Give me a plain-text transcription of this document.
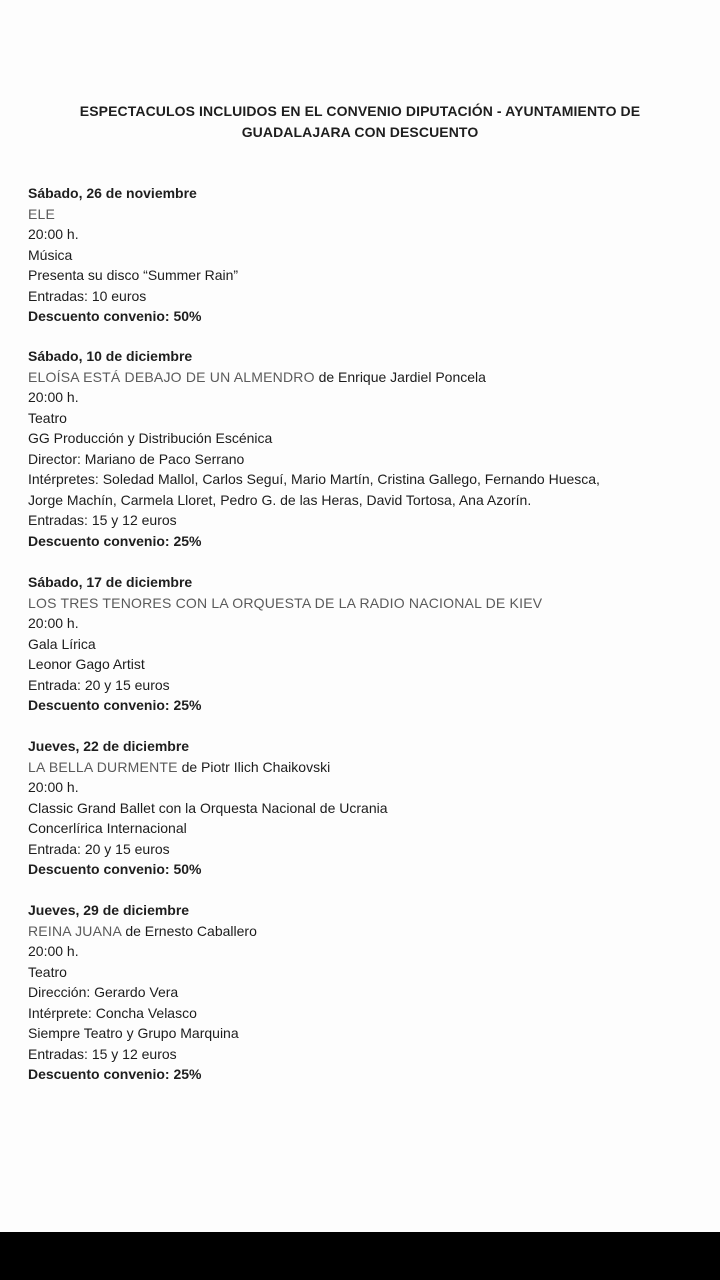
ESPECTACULOS INCLUIDOS EN EL CONVENIO DIPUTACIÓN - AYUNTAMIENTO DE
GUADALAJARA CON DESCUENTO
Sábado, 26 de noviembre
ELE
20:00 h.
Música
Presenta su disco “Summer Rain”
Entradas: 10 euros
Descuento convenio: 50%
Sábado, 10 de diciembre
ELOÍSA ESTÁ DEBAJO DE UN ALMENDRO de Enrique Jardiel Poncela
20:00 h.
Teatro
GG Producción y Distribución Escénica
Director: Mariano de Paco Serrano
Intérpretes: Soledad Mallol, Carlos Seguí, Mario Martín, Cristina Gallego, Fernando Huesca,
Jorge Machín, Carmela Lloret, Pedro G. de las Heras, David Tortosa, Ana Azorín.
Entradas: 15 y 12 euros
Descuento convenio: 25%
Sábado, 17 de diciembre
LOS TRES TENORES CON LA ORQUESTA DE LA RADIO NACIONAL DE KIEV
20:00 h.
Gala Lírica
Leonor Gago Artist
Entrada: 20 y 15 euros
Descuento convenio: 25%
Jueves, 22 de diciembre
LA BELLA DURMENTE de Piotr Ilich Chaikovski
20:00 h.
Classic Grand Ballet con la Orquesta Nacional de Ucrania
Concerlírica Internacional
Entrada: 20 y 15 euros
Descuento convenio: 50%
Jueves, 29 de diciembre
REINA JUANA de Ernesto Caballero
20:00 h.
Teatro
Dirección: Gerardo Vera
Intérprete: Concha Velasco
Siempre Teatro y Grupo Marquina
Entradas: 15 y 12 euros
Descuento convenio: 25%
